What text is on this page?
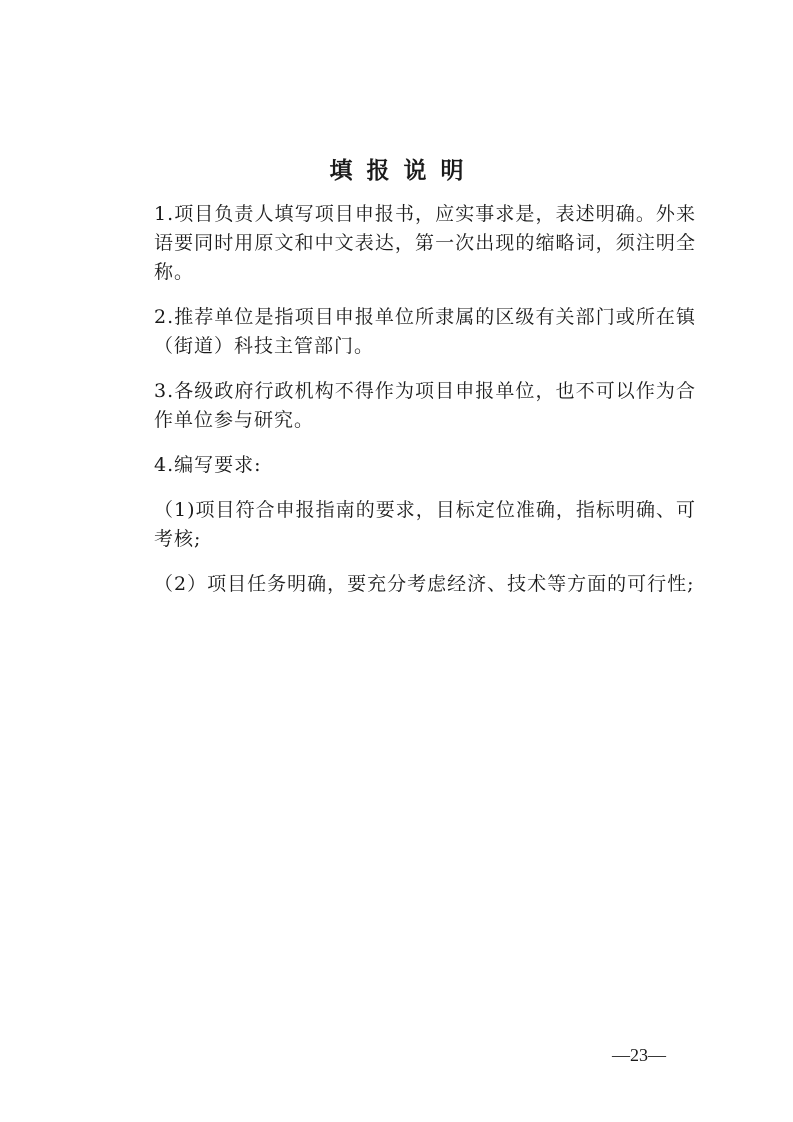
填报说明

1.项目负责人填写项目申报书，应实事求是，表述明确。外来语要同时用原文和中文表达，第一次出现的缩略词，须注明全称。

2.推荐单位是指项目申报单位所隶属的区级有关部门或所在镇（街道）科技主管部门。

3.各级政府行政机构不得作为项目申报单位，也不可以作为合作单位参与研究。

4.编写要求:

（1)项目符合申报指南的要求，目标定位准确，指标明确、可考核;

（2）项目任务明确，要充分考虑经济、技术等方面的可行性;

—23—
